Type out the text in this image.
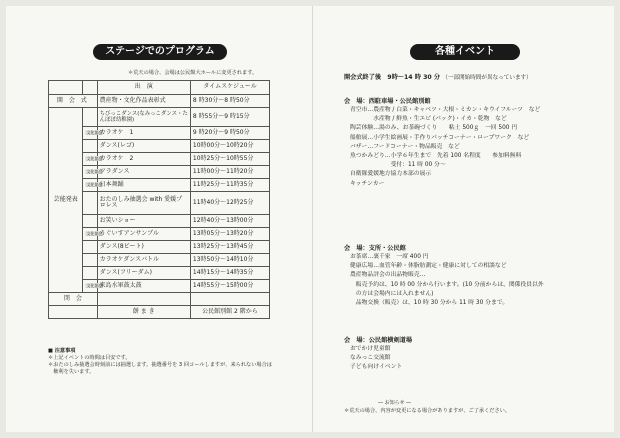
ステージでのプログラム
＊荒天の場合、会場は公民館大ホールに変更されます。
		出　演	タイムスケジュール
開 会 式		農産物・文化作品表彰式	8 時30分〜8 時50分
芸能発表		ちびっこダンス(なみっこダンス・たんぽぽ幼稚園)	8 時55分〜9 時15分
	文化協会	カラオケ　1	9 時20分〜9 時50分
		ダンス(レゴ)	10時00分〜10時20分
	文化協会	カラオケ　2	10時25分〜10時55分
	文化協会	フラダンス	11時00分〜11時20分
	文化協会	日本舞踊	11時25分〜11時35分
		おたのしみ抽選会 with 愛媛プロレス	11時40分〜12時25分
		お笑いショー	12時40分〜13時00分
	文化協会	うぐいすアンサンブル	13時05分〜13時20分
		ダンス(8ビート)	13時25分〜13時45分
		カラオケダンスバトル	13時50分〜14時10分
		ダンス(フリーダム)	14時15分〜14時35分
	文化協会	来島水軍鼓太鼓	14時55分〜15時00分
閉　会			
		餅 ま き	公民館別館 2 階から
■ 注意事項
＊上記イベントの時間は目安です。
＊おたのしみ抽選会時刻前には抽選します。抽選番号を 3 回コールしますが、来られない場合は
　権利を失います。
各種イベント
開会式終了後　9時〜14 時 30 分 （一部開始時間が異なっています）
会　場：西駐車場・公民館別館
青空市…農産物 / 白菜・キャベツ・大根・ミカン・キウイフルーツ　など
　　　　水産物 / 鮮魚・生エビ (パック)・イカ・乾物　など
陶芸体験…湯のみ、お茶碗づくり　　粘土 500ｇ　一回 500 円
船舶展…小学生絵画展・手作りパッチコーナー・ロープワーク　など
バザー…フードコーナー・物品販売　など
魚つかみどり…小学６年生まで　先着 100 名程度　　参加料無料
　　　　　　　受付：11 時 00 分〜
自衛隊愛媛地方協力本部の展示
キッチンカー
会　場：支所・公民館
お茶席…裏千家　一席 400 円
健康広場…血管年齢・体脂肪測定・健康に対しての相談など
農産物品評会の出品物販売…
　販売予約は、10 時 00 分から行います。(10 分前からは、関係役員以外
　の方は会場内には入れません)
　品物交換（販売）は、10 時 30 分から 11 時 30 分まで。
会　場：公民館横剣道場
おでかけ児童館
なみっこ交流館
子ども向けイベント
― お知らせ ―
＊荒天の場合、内容が変更になる場合がありますが、ご了承ください。
